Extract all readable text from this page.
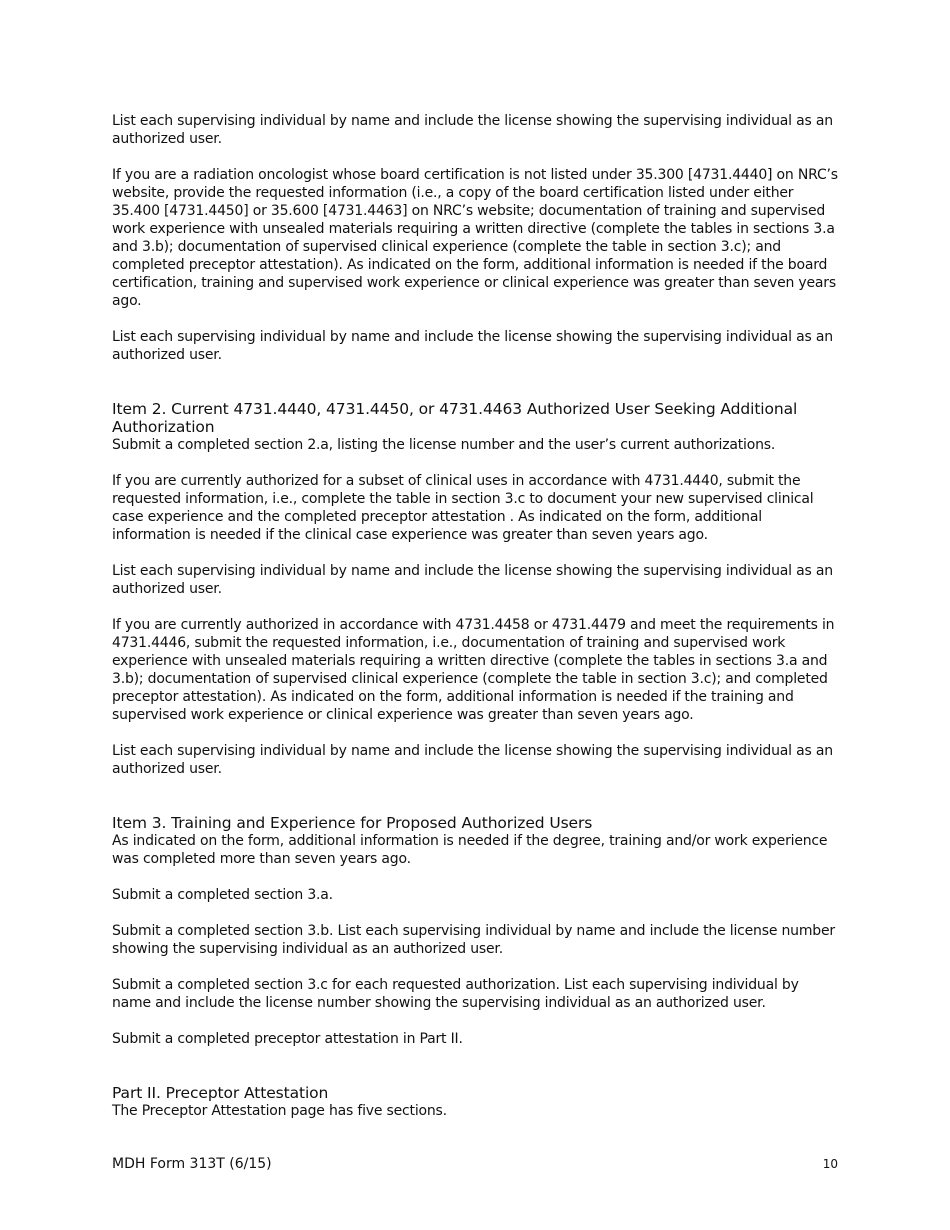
List each supervising individual by name and include the license showing the supervising individual as an authorized user.

If you are a radiation oncologist whose board certification is not listed under 35.300 [4731.4440] on NRC’s website, provide the requested information (i.e., a copy of the board certification listed under either 35.400 [4731.4450] or 35.600 [4731.4463] on NRC’s website; documentation of training and supervised work experience with unsealed materials requiring a written directive (complete the tables in sections 3.a and 3.b); documentation of supervised clinical experience (complete the table in section 3.c); and completed preceptor attestation). As indicated on the form, additional information is needed if the board certification, training and supervised work experience or clinical experience was greater than seven years ago.

List each supervising individual by name and include the license showing the supervising individual as an authorized user.

Item 2. Current 4731.4440, 4731.4450, or 4731.4463 Authorized User Seeking Additional Authorization

Submit a completed section 2.a, listing the license number and the user’s current authorizations.

If you are currently authorized for a subset of clinical uses in accordance with 4731.4440, submit the requested information, i.e., complete the table in section 3.c to document your new supervised clinical case experience and the completed preceptor attestation . As indicated on the form, additional information is needed if the clinical case experience was greater than seven years ago.

List each supervising individual by name and include the license showing the supervising individual as an authorized user.

If you are currently authorized in accordance with 4731.4458 or 4731.4479 and meet the requirements in 4731.4446, submit the requested information, i.e., documentation of training and supervised work experience with unsealed materials requiring a written directive (complete the tables in sections 3.a and 3.b); documentation of supervised clinical experience (complete the table in section 3.c); and completed preceptor attestation). As indicated on the form, additional information is needed if the training and supervised work experience or clinical experience was greater than seven years ago.

List each supervising individual by name and include the license showing the supervising individual as an authorized user.

Item 3. Training and Experience for Proposed Authorized Users

As indicated on the form, additional information is needed if the degree, training and/or work experience was completed more than seven years ago.

Submit a completed section 3.a.

Submit a completed section 3.b. List each supervising individual by name and include the license number showing the supervising individual as an authorized user.

Submit a completed section 3.c for each requested authorization. List each supervising individual by name and include the license number showing the supervising individual as an authorized user.

Submit a completed preceptor attestation in Part II.

Part II. Preceptor Attestation

The Preceptor Attestation page has five sections.

MDH Form 313T (6/15)	10
